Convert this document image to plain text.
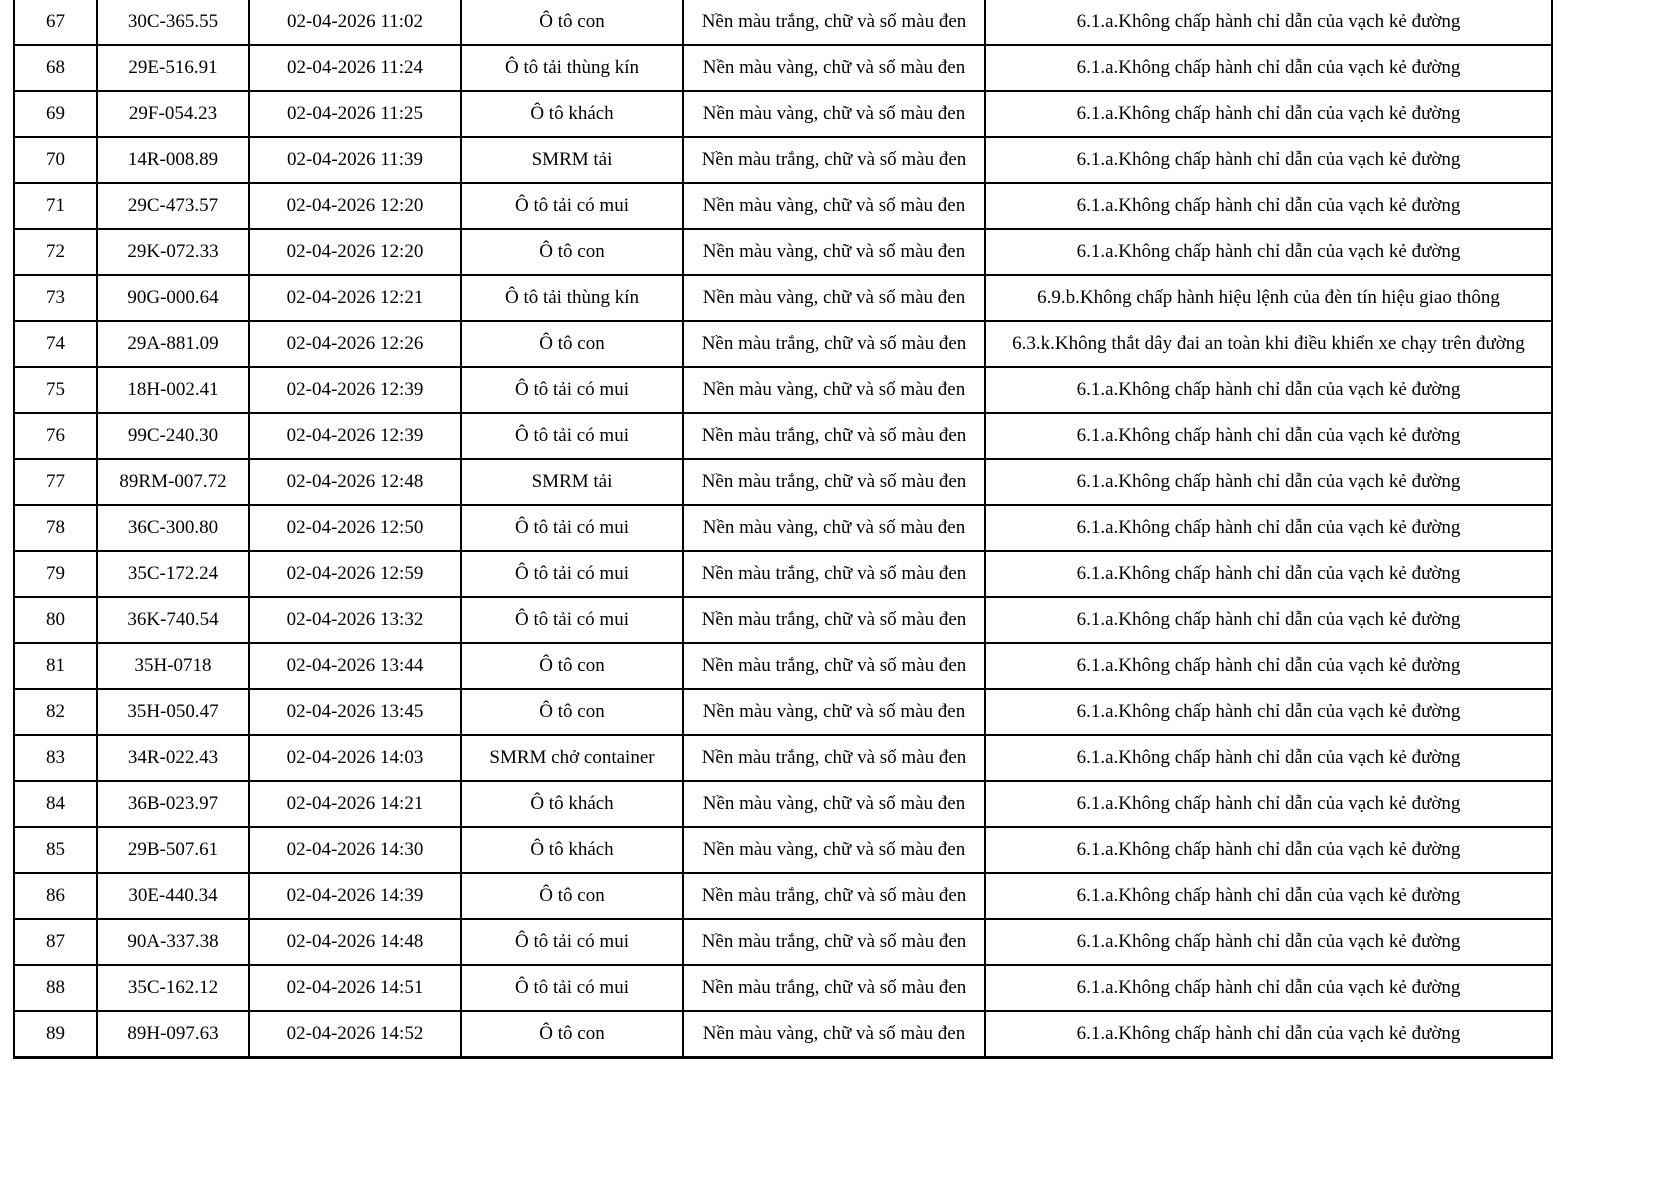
67	30C-365.55	02-04-2026 11:02	Ô tô con	Nền màu trắng, chữ và số màu đen	6.1.a.Không chấp hành chỉ dẫn của vạch kẻ đường
68	29E-516.91	02-04-2026 11:24	Ô tô tải thùng kín	Nền màu vàng, chữ và số màu đen	6.1.a.Không chấp hành chỉ dẫn của vạch kẻ đường
69	29F-054.23	02-04-2026 11:25	Ô tô khách	Nền màu vàng, chữ và số màu đen	6.1.a.Không chấp hành chỉ dẫn của vạch kẻ đường
70	14R-008.89	02-04-2026 11:39	SMRM tải	Nền màu trắng, chữ và số màu đen	6.1.a.Không chấp hành chỉ dẫn của vạch kẻ đường
71	29C-473.57	02-04-2026 12:20	Ô tô tải có mui	Nền màu vàng, chữ và số màu đen	6.1.a.Không chấp hành chỉ dẫn của vạch kẻ đường
72	29K-072.33	02-04-2026 12:20	Ô tô con	Nền màu vàng, chữ và số màu đen	6.1.a.Không chấp hành chỉ dẫn của vạch kẻ đường
73	90G-000.64	02-04-2026 12:21	Ô tô tải thùng kín	Nền màu vàng, chữ và số màu đen	6.9.b.Không chấp hành hiệu lệnh của đèn tín hiệu giao thông
74	29A-881.09	02-04-2026 12:26	Ô tô con	Nền màu trắng, chữ và số màu đen	6.3.k.Không thắt dây đai an toàn khi điều khiển xe chạy trên đường
75	18H-002.41	02-04-2026 12:39	Ô tô tải có mui	Nền màu vàng, chữ và số màu đen	6.1.a.Không chấp hành chỉ dẫn của vạch kẻ đường
76	99C-240.30	02-04-2026 12:39	Ô tô tải có mui	Nền màu trắng, chữ và số màu đen	6.1.a.Không chấp hành chỉ dẫn của vạch kẻ đường
77	89RM-007.72	02-04-2026 12:48	SMRM tải	Nền màu trắng, chữ và số màu đen	6.1.a.Không chấp hành chỉ dẫn của vạch kẻ đường
78	36C-300.80	02-04-2026 12:50	Ô tô tải có mui	Nền màu vàng, chữ và số màu đen	6.1.a.Không chấp hành chỉ dẫn của vạch kẻ đường
79	35C-172.24	02-04-2026 12:59	Ô tô tải có mui	Nền màu trắng, chữ và số màu đen	6.1.a.Không chấp hành chỉ dẫn của vạch kẻ đường
80	36K-740.54	02-04-2026 13:32	Ô tô tải có mui	Nền màu trắng, chữ và số màu đen	6.1.a.Không chấp hành chỉ dẫn của vạch kẻ đường
81	35H-0718	02-04-2026 13:44	Ô tô con	Nền màu trắng, chữ và số màu đen	6.1.a.Không chấp hành chỉ dẫn của vạch kẻ đường
82	35H-050.47	02-04-2026 13:45	Ô tô con	Nền màu vàng, chữ và số màu đen	6.1.a.Không chấp hành chỉ dẫn của vạch kẻ đường
83	34R-022.43	02-04-2026 14:03	SMRM chở container	Nền màu trắng, chữ và số màu đen	6.1.a.Không chấp hành chỉ dẫn của vạch kẻ đường
84	36B-023.97	02-04-2026 14:21	Ô tô khách	Nền màu vàng, chữ và số màu đen	6.1.a.Không chấp hành chỉ dẫn của vạch kẻ đường
85	29B-507.61	02-04-2026 14:30	Ô tô khách	Nền màu vàng, chữ và số màu đen	6.1.a.Không chấp hành chỉ dẫn của vạch kẻ đường
86	30E-440.34	02-04-2026 14:39	Ô tô con	Nền màu trắng, chữ và số màu đen	6.1.a.Không chấp hành chỉ dẫn của vạch kẻ đường
87	90A-337.38	02-04-2026 14:48	Ô tô tải có mui	Nền màu trắng, chữ và số màu đen	6.1.a.Không chấp hành chỉ dẫn của vạch kẻ đường
88	35C-162.12	02-04-2026 14:51	Ô tô tải có mui	Nền màu trắng, chữ và số màu đen	6.1.a.Không chấp hành chỉ dẫn của vạch kẻ đường
89	89H-097.63	02-04-2026 14:52	Ô tô con	Nền màu vàng, chữ và số màu đen	6.1.a.Không chấp hành chỉ dẫn của vạch kẻ đường
